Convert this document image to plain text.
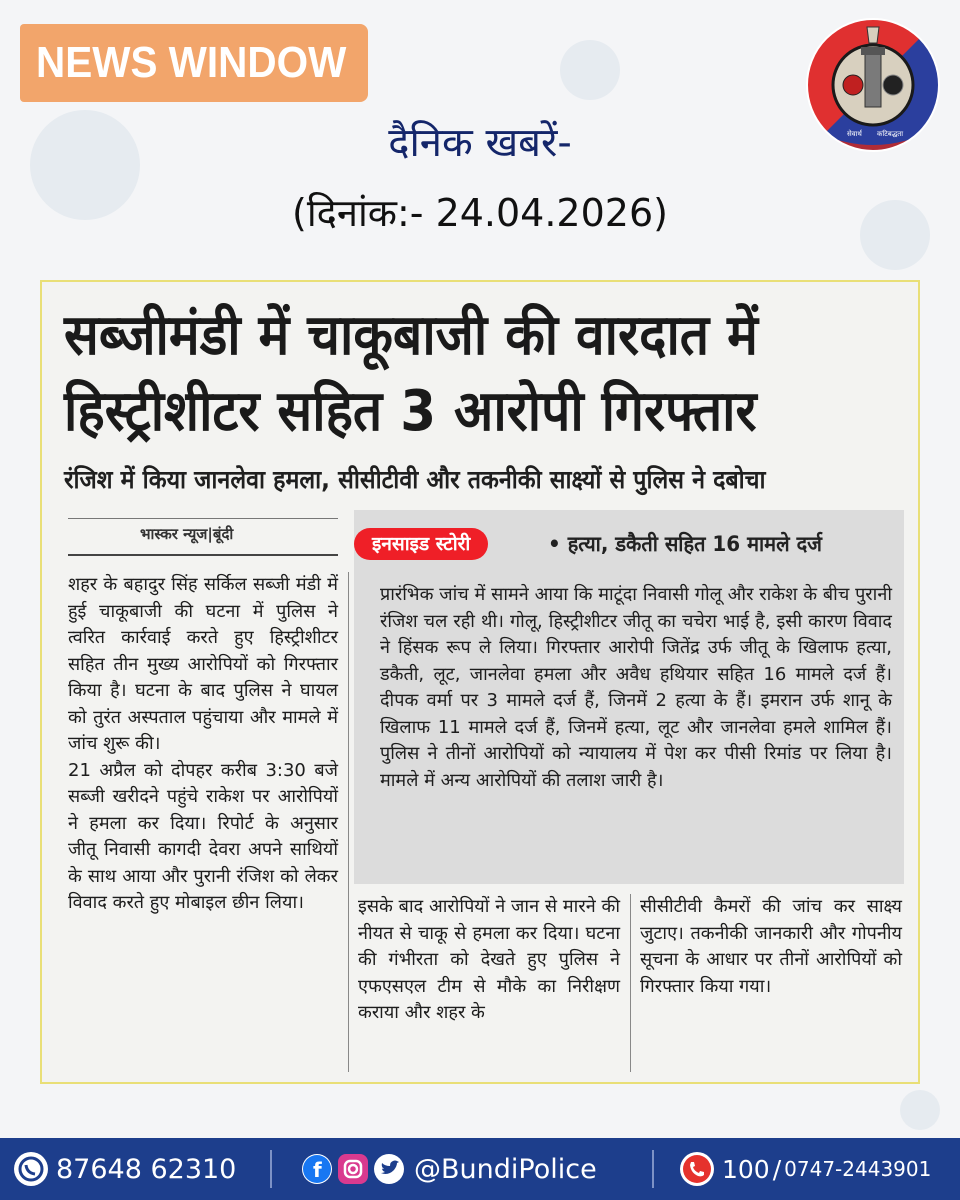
NEWS WINDOW
सेवार्थ कटिबद्धता
दैनिक खबरें-
(दिनांक:- 24.04.2026)
सब्जीमंडी में चाकूबाजी की वारदात में
हिस्ट्रीशीटर सहित 3 आरोपी गिरफ्तार
रंजिश में किया जानलेवा हमला, सीसीटीवी और तकनीकी साक्ष्यों से पुलिस ने दबोचा
भास्कर न्यूज|बूंदी	इनसाइड स्टोरी	• हत्या, डकैती सहित 16 मामले दर्ज
प्रारंभिक जांच में सामने आया कि माटूंदा निवासी गोलू और राकेश के बीच पुरानी रंजिश चल रही थी। गोलू, हिस्ट्रीशीटर जीतू का चचेरा भाई है, इसी कारण विवाद ने हिंसक रूप ले लिया। गिरफ्तार आरोपी जितेंद्र उर्फ जीतू के खिलाफ हत्या, डकैती, लूट, जानलेवा हमला और अवैध हथियार सहित 16 मामले दर्ज हैं। दीपक वर्मा पर 3 मामले दर्ज हैं, जिनमें 2 हत्या के हैं। इमरान उर्फ शानू के खिलाफ 11 मामले दर्ज हैं, जिनमें हत्या, लूट और जानलेवा हमले शामिल हैं। पुलिस ने तीनों आरोपियों को न्यायालय में पेश कर पीसी रिमांड पर लिया है। मामले में अन्य आरोपियों की तलाश जारी है।
शहर के बहादुर सिंह सर्किल सब्जी मंडी में हुई चाकूबाजी की घटना में पुलिस ने त्वरित कार्रवाई करते हुए हिस्ट्रीशीटर सहित तीन मुख्य आरोपियों को गिरफ्तार किया है। घटना के बाद पुलिस ने घायल को तुरंत अस्पताल पहुंचाया और मामले में जांच शुरू की।
21 अप्रैल को दोपहर करीब 3:30 बजे सब्जी खरीदने पहुंचे राकेश पर आरोपियों ने हमला कर दिया। रिपोर्ट के अनुसार जीतू निवासी कागदी देवरा अपने साथियों के साथ आया और पुरानी रंजिश को लेकर विवाद करते हुए मोबाइल छीन लिया।	इसके बाद आरोपियों ने जान से मारने की नीयत से चाकू से हमला कर दिया। घटना की गंभीरता को देखते हुए पुलिस ने एफएसएल टीम से मौके का निरीक्षण कराया और शहर के
सीसीटीवी कैमरों की जांच कर साक्ष्य जुटाए। तकनीकी जानकारी और गोपनीय सूचना के आधार पर तीनों आरोपियों को गिरफ्तार किया गया।
87648 62310	f	@BundiPolice	100 / 0747-2443901
